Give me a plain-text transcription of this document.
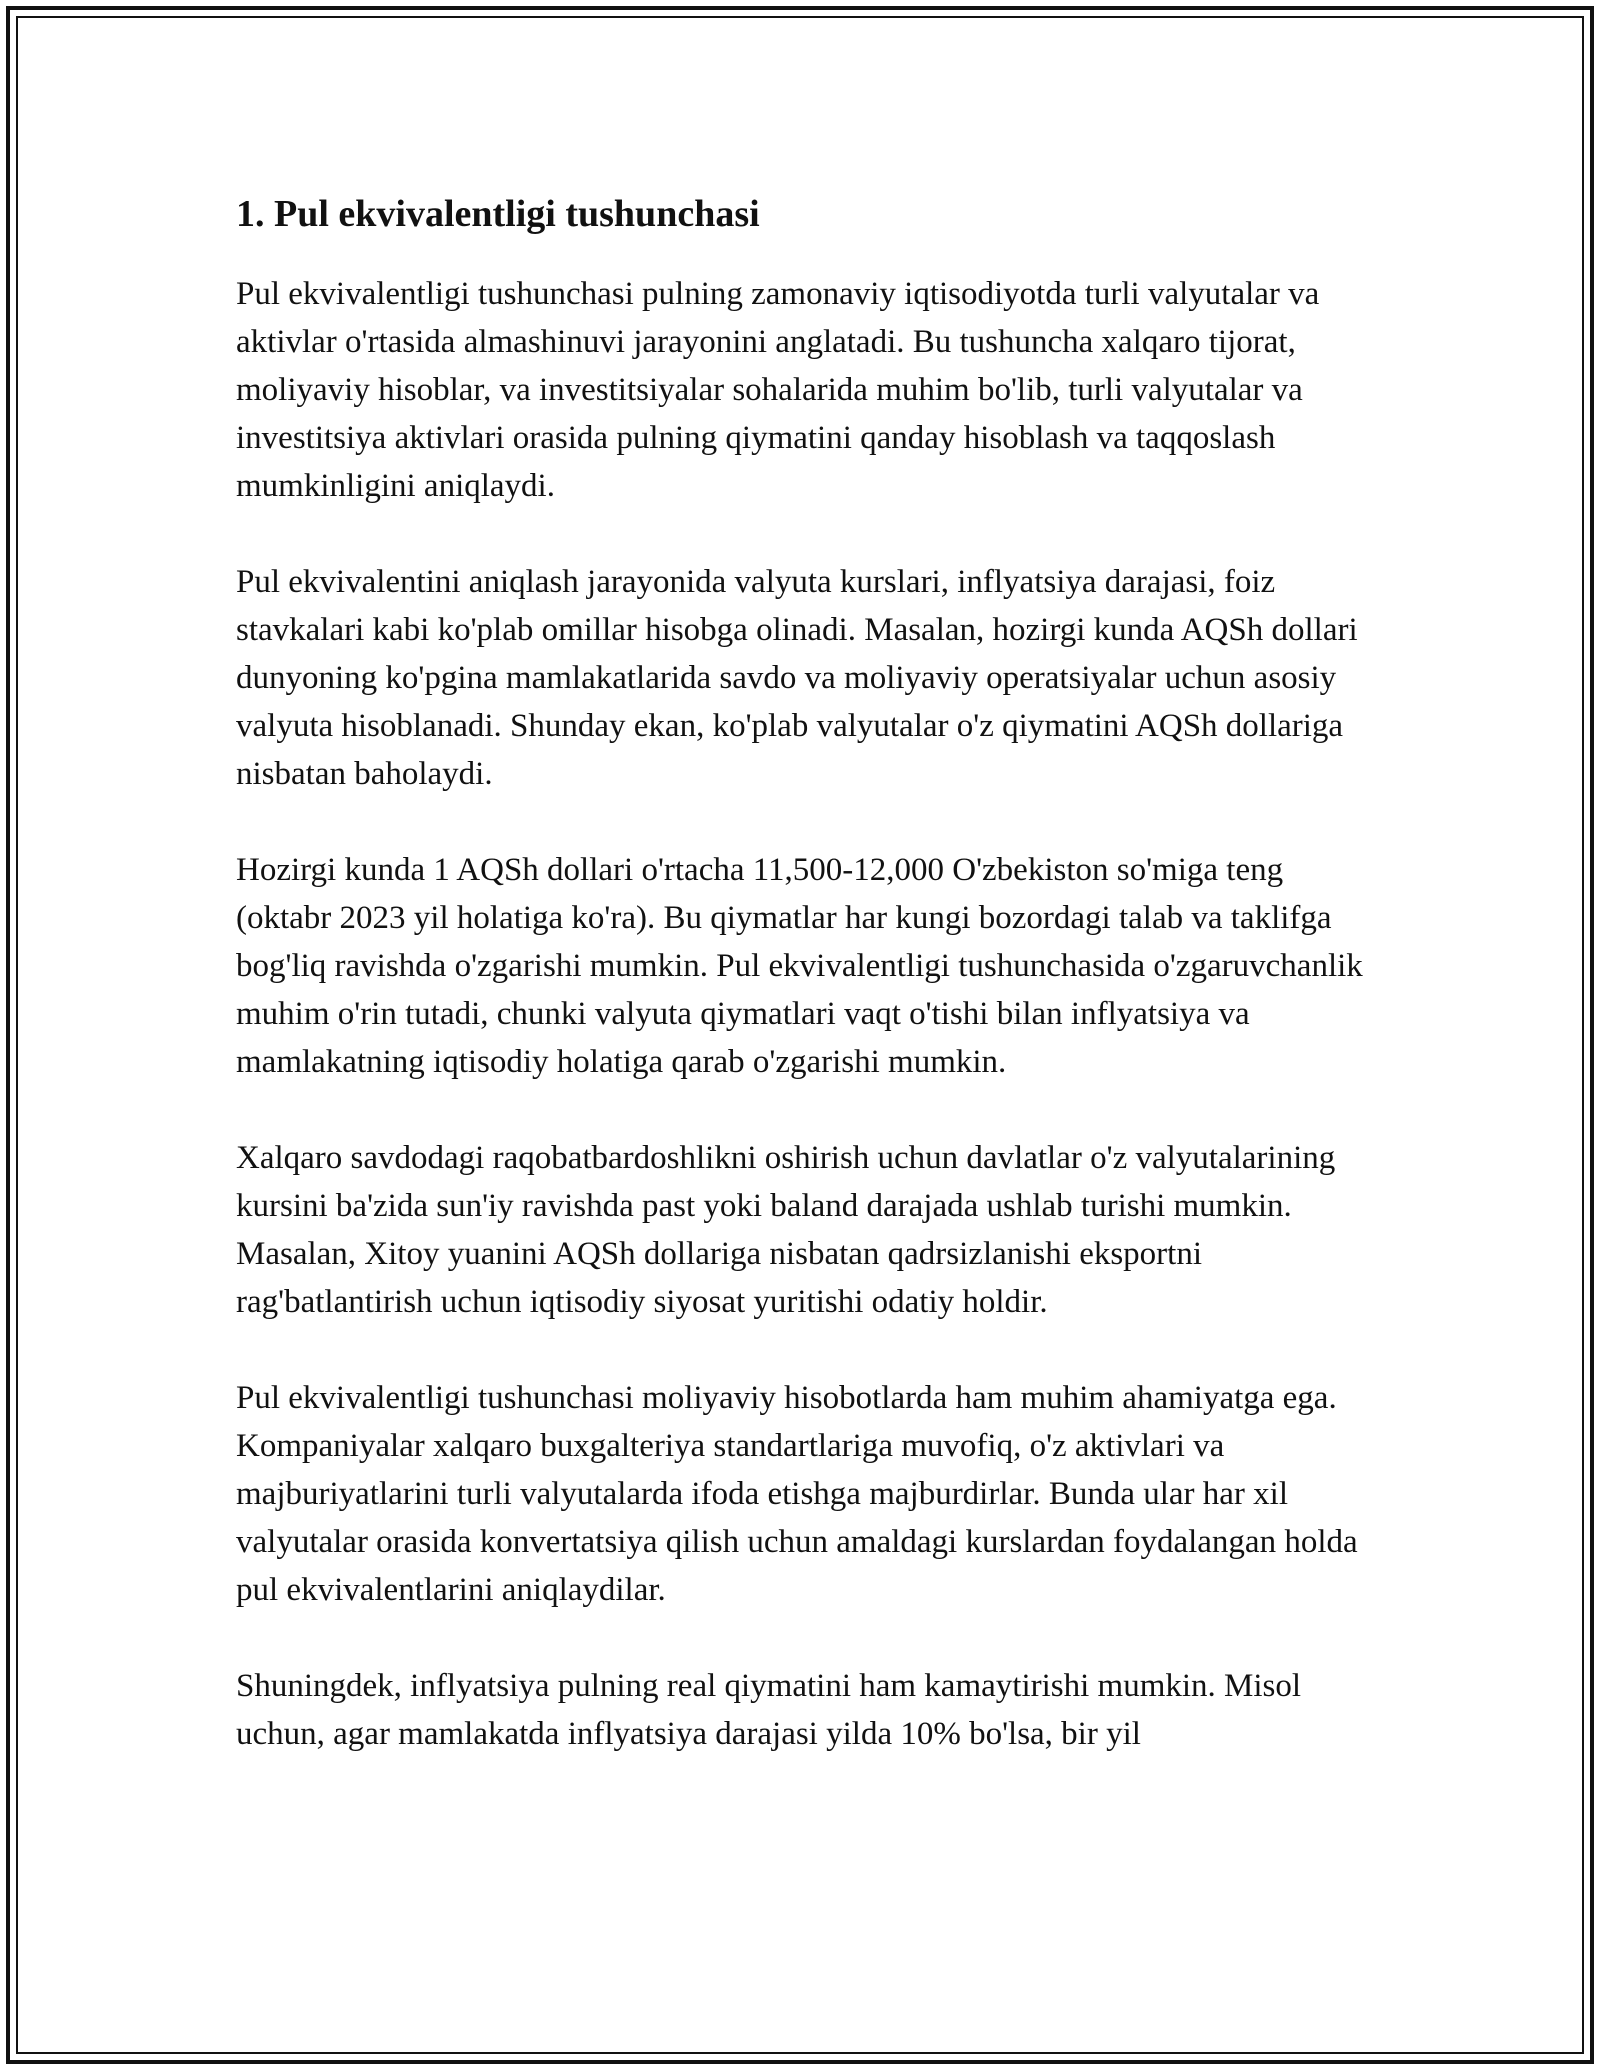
1. Pul ekvivalentligi tushunchasi

Pul ekvivalentligi tushunchasi pulning zamonaviy iqtisodiyotda turli valyutalar va aktivlar o'rtasida almashinuvi jarayonini anglatadi. Bu tushuncha xalqaro tijorat, moliyaviy hisoblar, va investitsiyalar sohalarida muhim bo'lib, turli valyutalar va investitsiya aktivlari orasida pulning qiymatini qanday hisoblash va taqqoslash mumkinligini aniqlaydi.

Pul ekvivalentini aniqlash jarayonida valyuta kurslari, inflyatsiya darajasi, foiz stavkalari kabi ko'plab omillar hisobga olinadi. Masalan, hozirgi kunda AQSh dollari dunyoning ko'pgina mamlakatlarida savdo va moliyaviy operatsiyalar uchun asosiy valyuta hisoblanadi. Shunday ekan, ko'plab valyutalar o'z qiymatini AQSh dollariga nisbatan baholaydi.

Hozirgi kunda 1 AQSh dollari o'rtacha 11,500-12,000 O'zbekiston so'miga teng (oktabr 2023 yil holatiga ko'ra). Bu qiymatlar har kungi bozordagi talab va taklifga bog'liq ravishda o'zgarishi mumkin. Pul ekvivalentligi tushunchasida o'zgaruvchanlik muhim o'rin tutadi, chunki valyuta qiymatlari vaqt o'tishi bilan inflyatsiya va mamlakatning iqtisodiy holatiga qarab o'zgarishi mumkin.

Xalqaro savdodagi raqobatbardoshlikni oshirish uchun davlatlar o'z valyutalarining kursini ba'zida sun'iy ravishda past yoki baland darajada ushlab turishi mumkin. Masalan, Xitoy yuanini AQSh dollariga nisbatan qadrsizlanishi eksportni rag'batlantirish uchun iqtisodiy siyosat yuritishi odatiy holdir.

Pul ekvivalentligi tushunchasi moliyaviy hisobotlarda ham muhim ahamiyatga ega. Kompaniyalar xalqaro buxgalteriya standartlariga muvofiq, o'z aktivlari va majburiyatlarini turli valyutalarda ifoda etishga majburdirlar. Bunda ular har xil valyutalar orasida konvertatsiya qilish uchun amaldagi kurslardan foydalangan holda pul ekvivalentlarini aniqlaydilar.

Shuningdek, inflyatsiya pulning real qiymatini ham kamaytirishi mumkin. Misol uchun, agar mamlakatda inflyatsiya darajasi yilda 10% bo'lsa, bir yil
